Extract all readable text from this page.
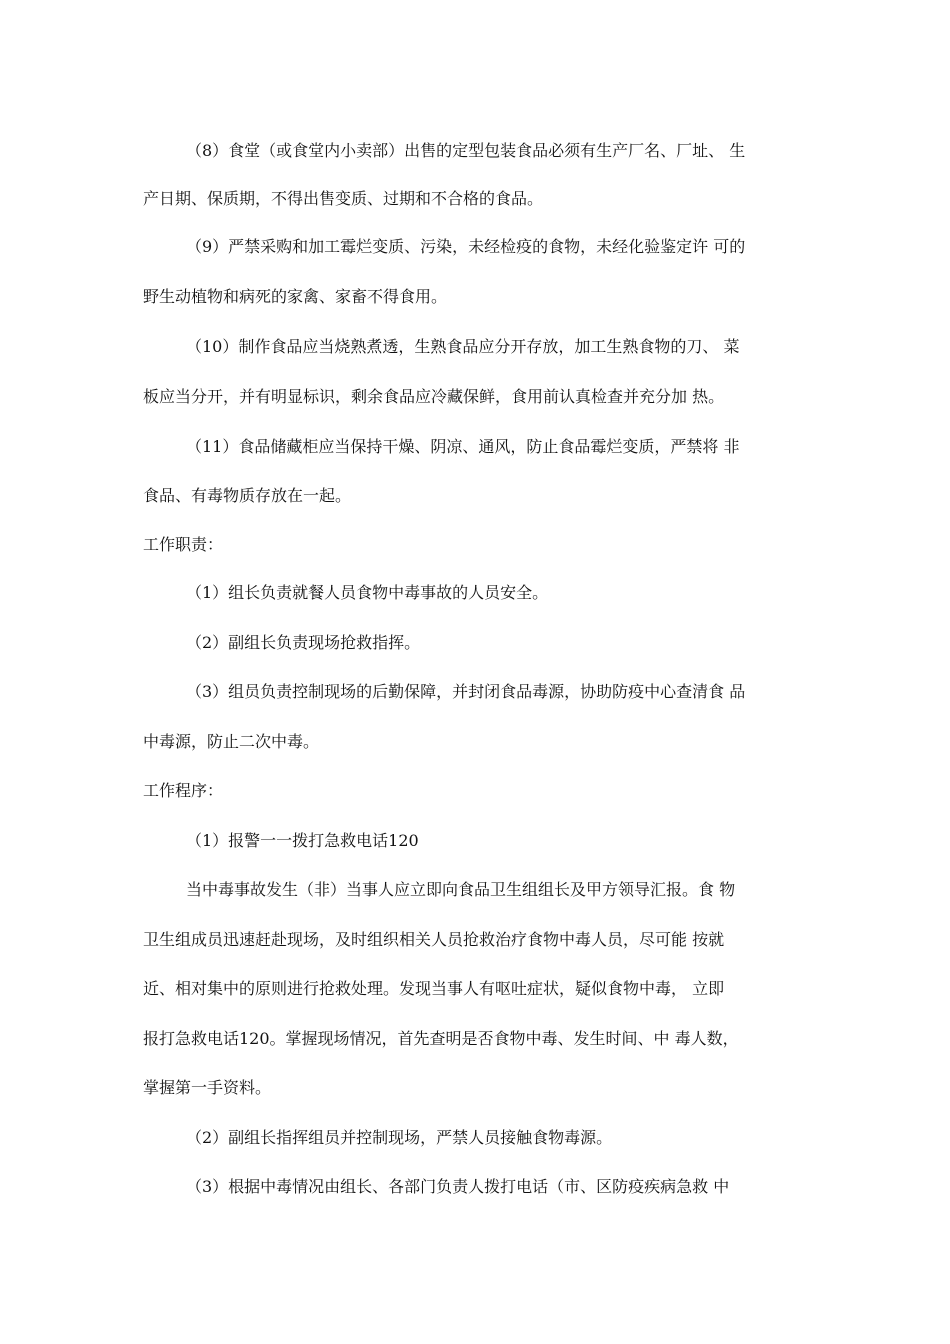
（8）食堂（或食堂内小卖部）出售的定型包装食品必须有生产厂名、厂址、 生
产日期、保质期，不得出售变质、过期和不合格的食品。
（9）严禁采购和加工霉烂变质、污染，未经检疫的食物，未经化验鉴定许 可的
野生动植物和病死的家禽、家畜不得食用。
（10）制作食品应当烧熟煮透，生熟食品应分开存放，加工生熟食物的刀、 菜
板应当分开，并有明显标识，剩余食品应冷藏保鲜，食用前认真检查并充分加 热。
（11）食品储藏柜应当保持干燥、阴凉、通风，防止食品霉烂变质，严禁将 非
食品、有毒物质存放在一起。
工作职责：
（1）组长负责就餐人员食物中毒事故的人员安全。
（2）副组长负责现场抢救指挥。
（3）组员负责控制现场的后勤保障，并封闭食品毒源，协助防疫中心查清食 品
中毒源，防止二次中毒。
工作程序：
（1）报警一一拨打急救电话120
当中毒事故发生（非）当事人应立即向食品卫生组组长及甲方领导汇报。食 物
卫生组成员迅速赶赴现场，及时组织相关人员抢救治疗食物中毒人员，尽可能 按就
近、相对集中的原则进行抢救处理。发现当事人有呕吐症状，疑似食物中毒， 立即
报打急救电话120。掌握现场情况，首先查明是否食物中毒、发生时间、中 毒人数，
掌握第一手资料。
（2）副组长指挥组员并控制现场，严禁人员接触食物毒源。
（3）根据中毒情况由组长、各部门负责人拨打电话（市、区防疫疾病急救 中
